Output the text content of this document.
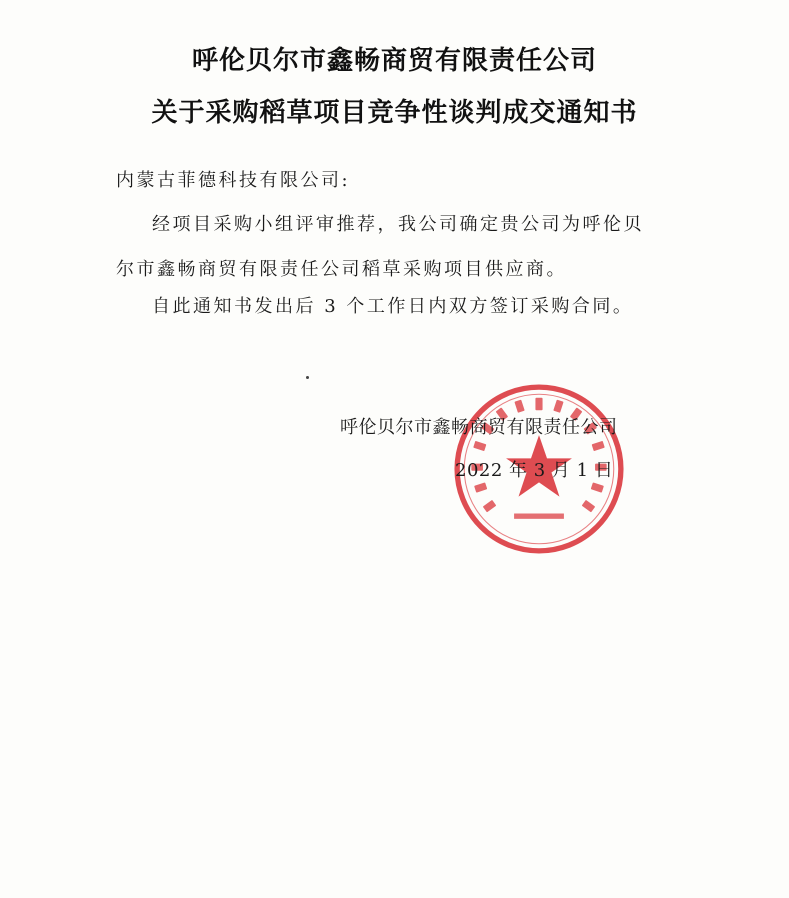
呼伦贝尔市鑫畅商贸有限责任公司
关于采购稻草项目竞争性谈判成交通知书
内蒙古菲德科技有限公司:
经项目采购小组评审推荐，我公司确定贵公司为呼伦贝
尔市鑫畅商贸有限责任公司稻草采购项目供应商。
自此通知书发出后 3 个工作日内双方签订采购合同。
呼伦贝尔市鑫畅商贸有限责任公司
2022 年 3 月 1 日
